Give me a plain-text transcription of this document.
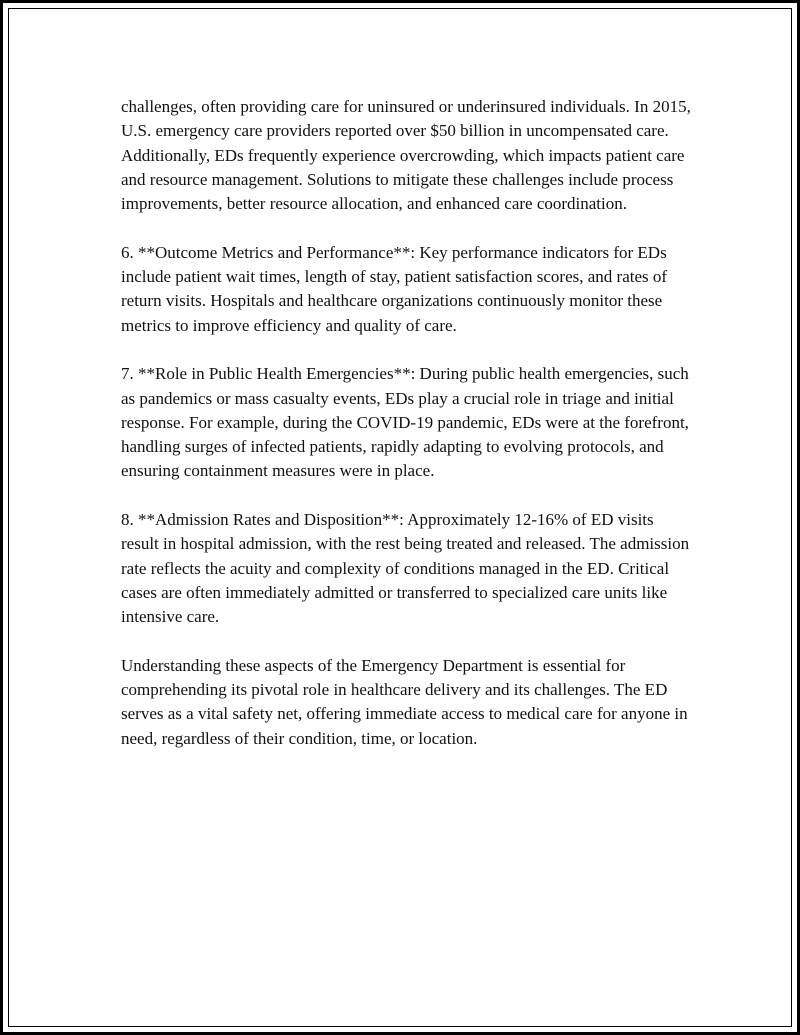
challenges, often providing care for uninsured or underinsured individuals. In 2015, U.S. emergency care providers reported over $50 billion in uncompensated care. Additionally, EDs frequently experience overcrowding, which impacts patient care and resource management. Solutions to mitigate these challenges include process improvements, better resource allocation, and enhanced care coordination.

6. **Outcome Metrics and Performance**: Key performance indicators for EDs include patient wait times, length of stay, patient satisfaction scores, and rates of return visits. Hospitals and healthcare organizations continuously monitor these metrics to improve efficiency and quality of care.

7. **Role in Public Health Emergencies**: During public health emergencies, such as pandemics or mass casualty events, EDs play a crucial role in triage and initial response. For example, during the COVID-19 pandemic, EDs were at the forefront, handling surges of infected patients, rapidly adapting to evolving protocols, and ensuring containment measures were in place.

8. **Admission Rates and Disposition**: Approximately 12-16% of ED visits result in hospital admission, with the rest being treated and released. The admission rate reflects the acuity and complexity of conditions managed in the ED. Critical cases are often immediately admitted or transferred to specialized care units like intensive care.

Understanding these aspects of the Emergency Department is essential for comprehending its pivotal role in healthcare delivery and its challenges. The ED serves as a vital safety net, offering immediate access to medical care for anyone in need, regardless of their condition, time, or location.
